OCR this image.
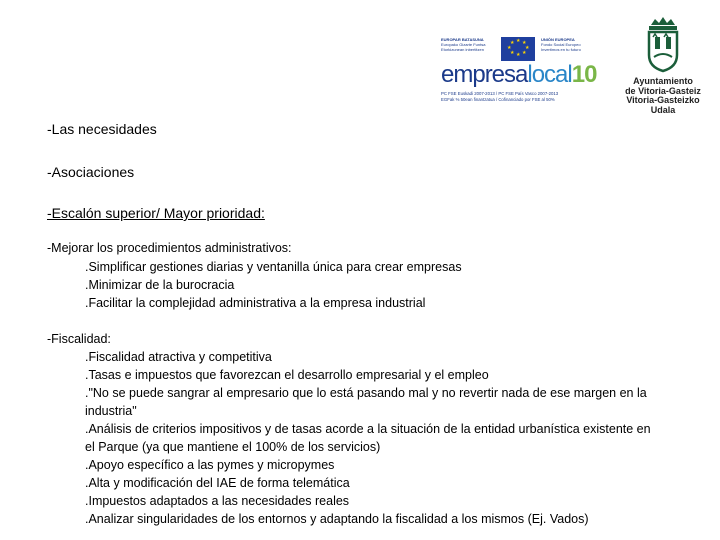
EUROPAR BATASUNA
Europako Gizarte Funtsa
Etorkizunean inbertitzen
★ ★
★
★
★
★
★
★
UNIÓN EUROPEA
Fondo Social Europeo
Invertimos en tu futuro
empresalocal10
PC FSE Euskadi 2007-2013 / PC FSE País Vasco 2007-2013
EGFak % 50ean finantzatua / Cofinanciado por FSE al 50%
Ayuntamiento
de Vitoria-Gasteiz
Vitoria-Gasteizko
Udala
-Las necesidades
-Asociaciones
-Escalón superior/ Mayor prioridad:
-Mejorar los procedimientos administrativos:
.Simplificar gestiones diarias y ventanilla única para crear empresas
.Minimizar de la burocracia
.Facilitar la complejidad administrativa a la empresa industrial
-Fiscalidad:
.Fiscalidad atractiva y competitiva
.Tasas e impuestos que favorezcan el desarrollo empresarial y el empleo
."No se puede sangrar al empresario que lo está pasando mal y no revertir nada de ese margen en la
industria"
.Análisis de criterios impositivos y de tasas acorde a la situación de la entidad urbanística existente en
el Parque (ya que mantiene el 100% de los servicios)
.Apoyo específico a las pymes y micropymes
.Alta y modificación del IAE de forma telemática
.Impuestos adaptados a las necesidades reales
.Analizar singularidades de los entornos y adaptando la fiscalidad a los mismos (Ej. Vados)
